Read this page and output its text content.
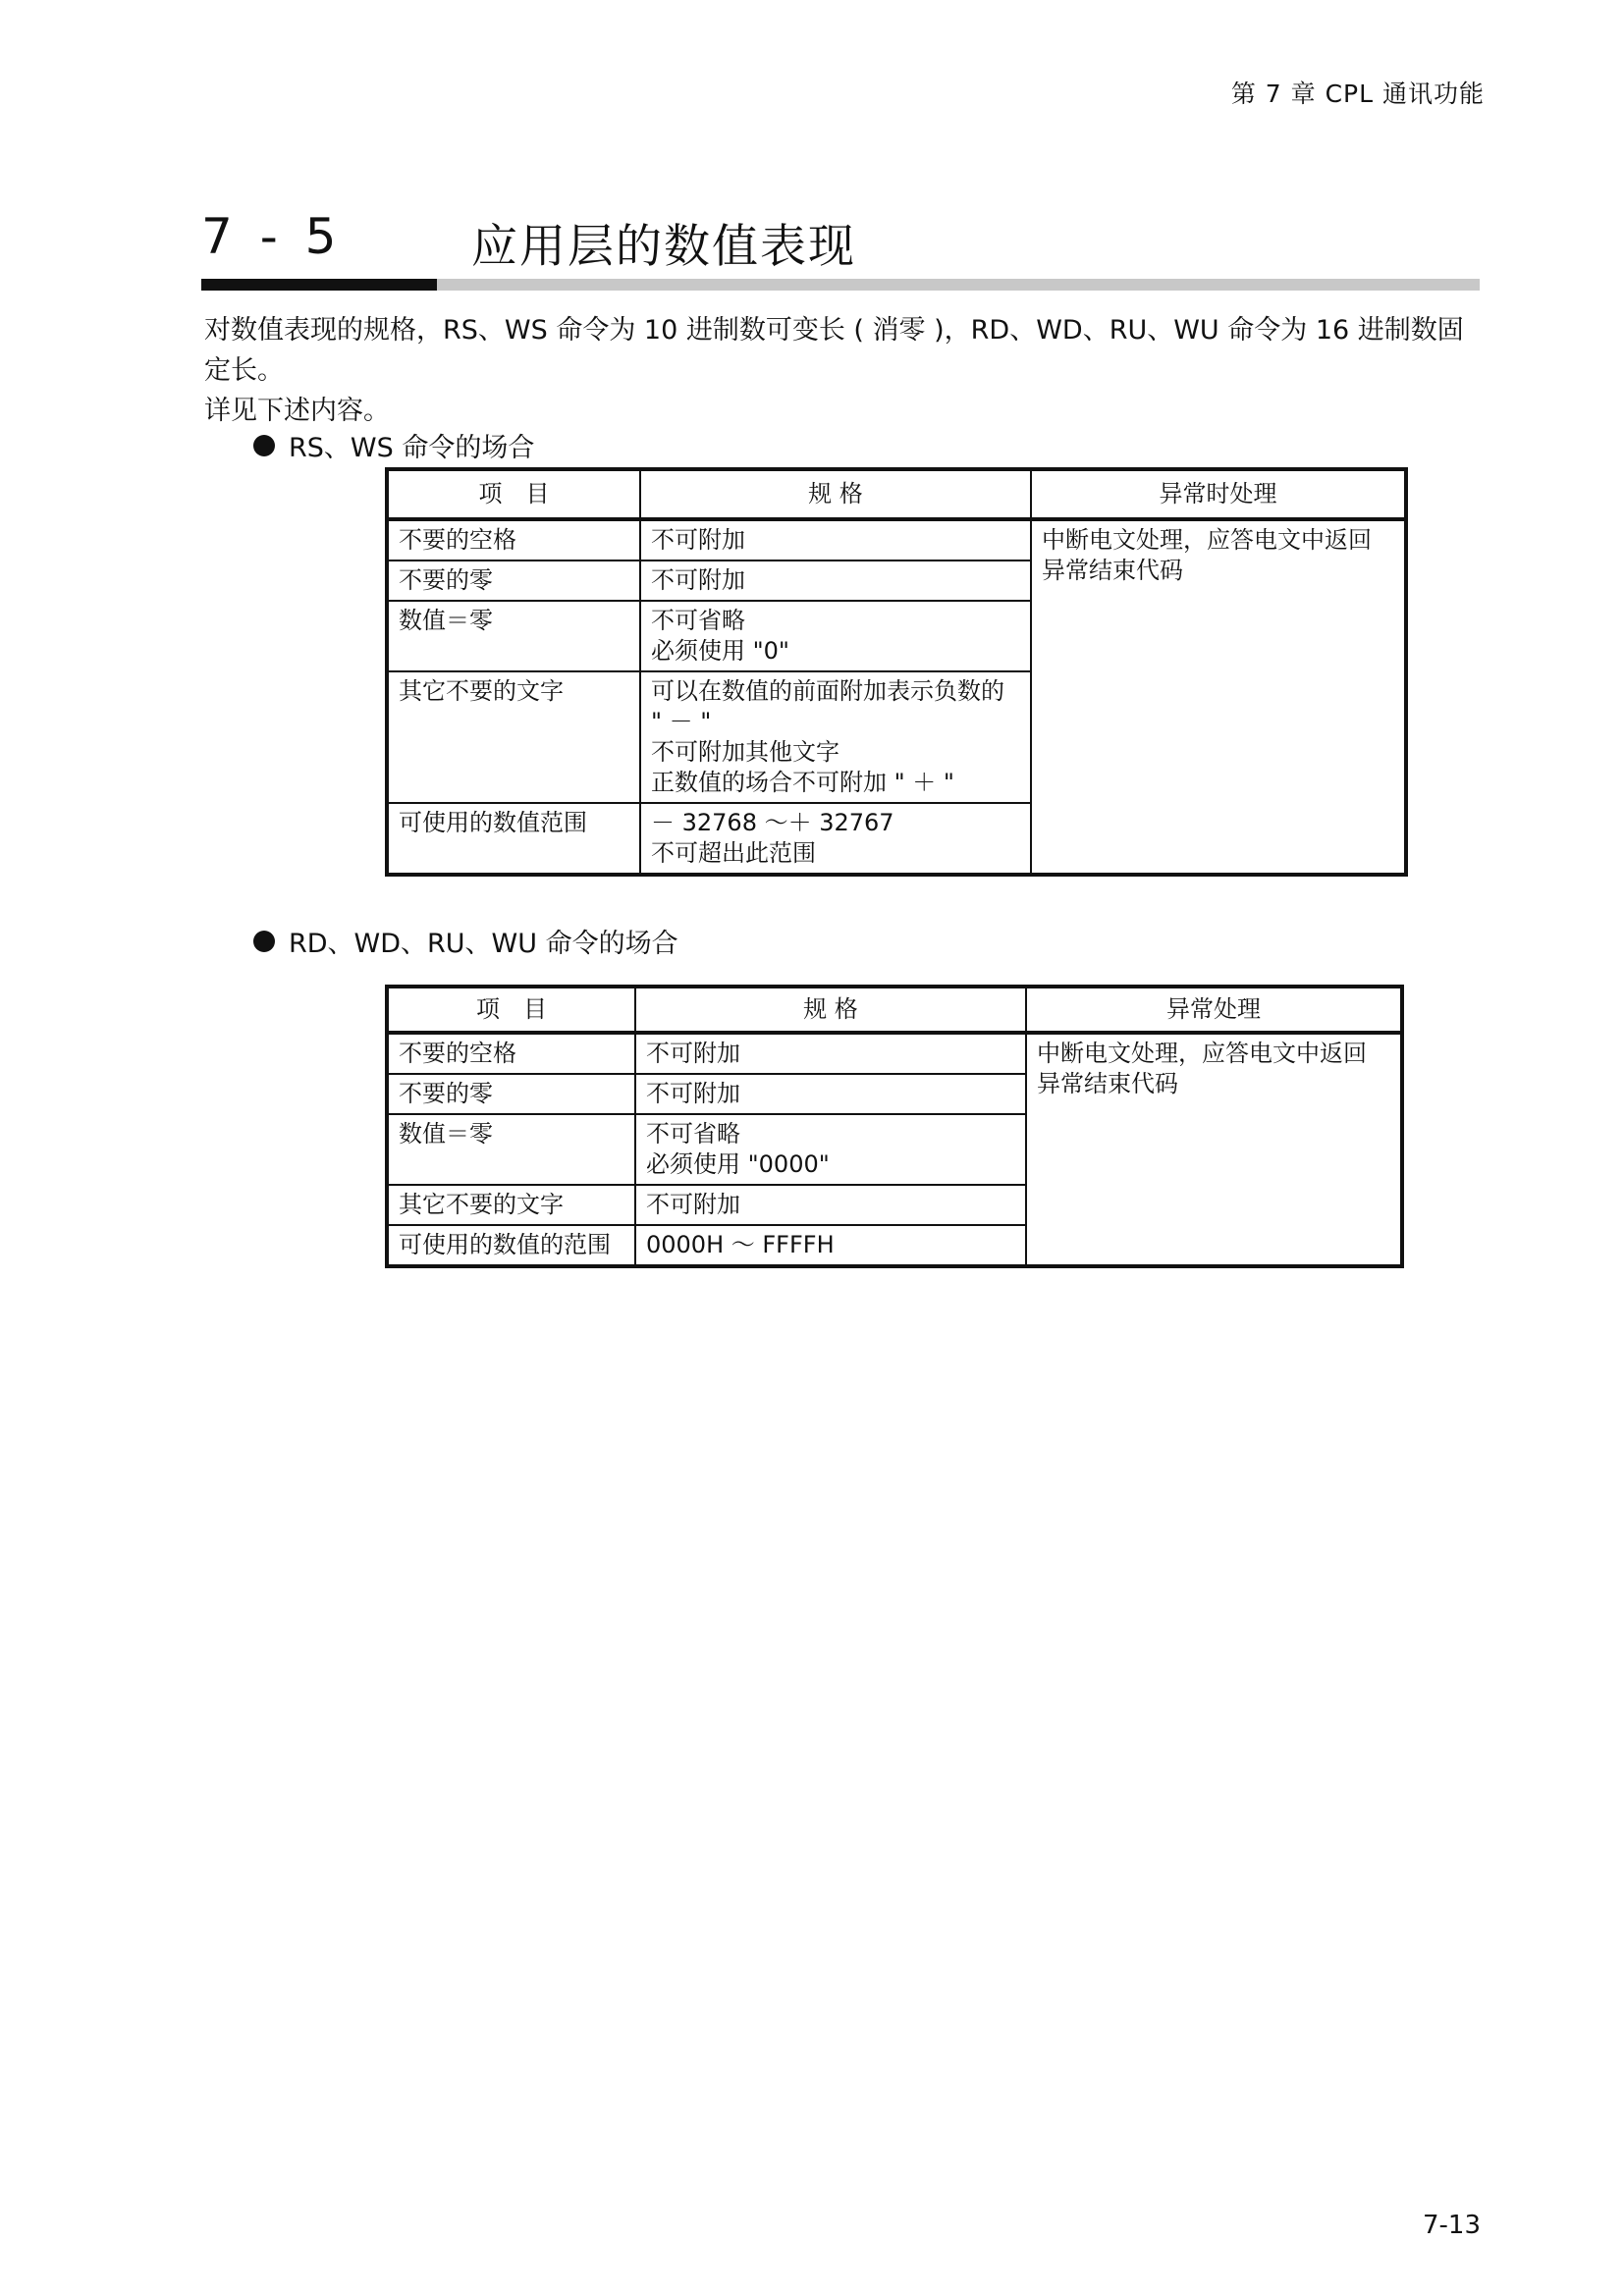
第 7 章 CPL 通讯功能
7 - 5	应用层的数值表现

对数值表现的规格，RS、WS 命令为 10 进制数可变长 ( 消零 )，RD、WD、RU、WU 命令为 16 进制数固定长。

详见下述内容。

RS、WS 命令的场合
项　目	规 格	异常时处理
不要的空格	不可附加	中断电文处理，应答电文中返回
异常结束代码

不要的零	不可附加	

数值＝零	不可省略
必须使用 "0"	

其它不要的文字	可以在数值的前面附加表示负数的
" － "
不可附加其他文字
正数值的场合不可附加 " ＋ "	

可使用的数值范围	－ 32768 ～＋ 32767
不可超出此范围	
RD、WD、RU、WU 命令的场合
项　目	规 格	异常处理
不要的空格	不可附加	中断电文处理，应答电文中返回
异常结束代码

不要的零	不可附加	

数值＝零	不可省略
必须使用 "0000"	

其它不要的文字	不可附加	

可使用的数值的范围	0000H ～ FFFFH	
7-13
